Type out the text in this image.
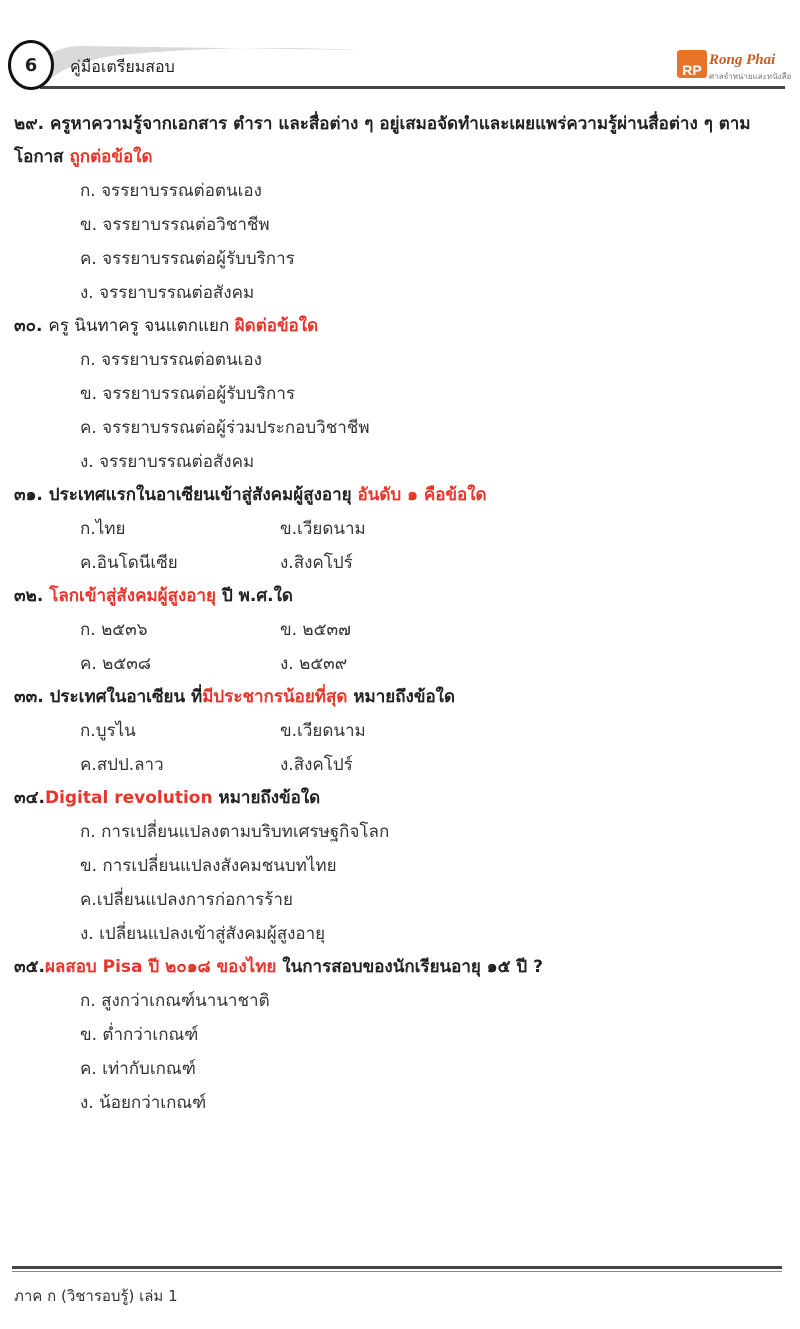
6 คู่มือเตรียมสอบ	RP
Rong Phai
ศาลจำหน่ายและหนังสือ
๒๙. ครูหาความรู้จากเอกสาร ตำรา และสื่อต่าง ๆ อยู่เสมอจัดทำและเผยแพร่ความรู้ผ่านสื่อต่าง ๆ ตามโอกาส ถูกต่อข้อใด
ก. จรรยาบรรณต่อตนเอง
ข. จรรยาบรรณต่อวิชาชีพ
ค. จรรยาบรรณต่อผู้รับบริการ
ง. จรรยาบรรณต่อสังคม
๓๐. ครู นินทาครู จนแตกแยก ผิดต่อข้อใด
ก. จรรยาบรรณต่อตนเอง
ข. จรรยาบรรณต่อผู้รับบริการ
ค. จรรยาบรรณต่อผู้ร่วมประกอบวิชาชีพ
ง. จรรยาบรรณต่อสังคม
๓๑. ประเทศแรกในอาเซียนเข้าสู่สังคมผู้สูงอายุ อันดับ ๑ คือข้อใด
ก.ไทย	ข.เวียดนาม
ค.อินโดนีเซีย	ง.สิงคโปร์
๓๒. โลกเข้าสู่สังคมผู้สูงอายุ ปี พ.ศ.ใด
ก. ๒๕๓๖	ข. ๒๕๓๗
ค. ๒๕๓๘	ง. ๒๕๓๙
๓๓. ประเทศในอาเซียน ที่มีประชากรน้อยที่สุด หมายถึงข้อใด
ก.บูรไน	ข.เวียดนาม
ค.สปป.ลาว	ง.สิงคโปร์
๓๔.Digital revolution หมายถึงข้อใด
ก. การเปลี่ยนแปลงตามบริบทเศรษฐกิจโลก
ข. การเปลี่ยนแปลงสังคมชนบทไทย
ค.เปลี่ยนแปลงการก่อการร้าย
ง. เปลี่ยนแปลงเข้าสู่สังคมผู้สูงอายุ
๓๕.ผลสอบ Pisa ปี ๒๐๑๘ ของไทย ในการสอบของนักเรียนอายุ ๑๕ ปี ?
ก. สูงกว่าเกณฑ์นานาชาติ
ข. ต่ำกว่าเกณฑ์
ค. เท่ากับเกณฑ์
ง. น้อยกว่าเกณฑ์
ภาค ก (วิชารอบรู้) เล่ม 1
